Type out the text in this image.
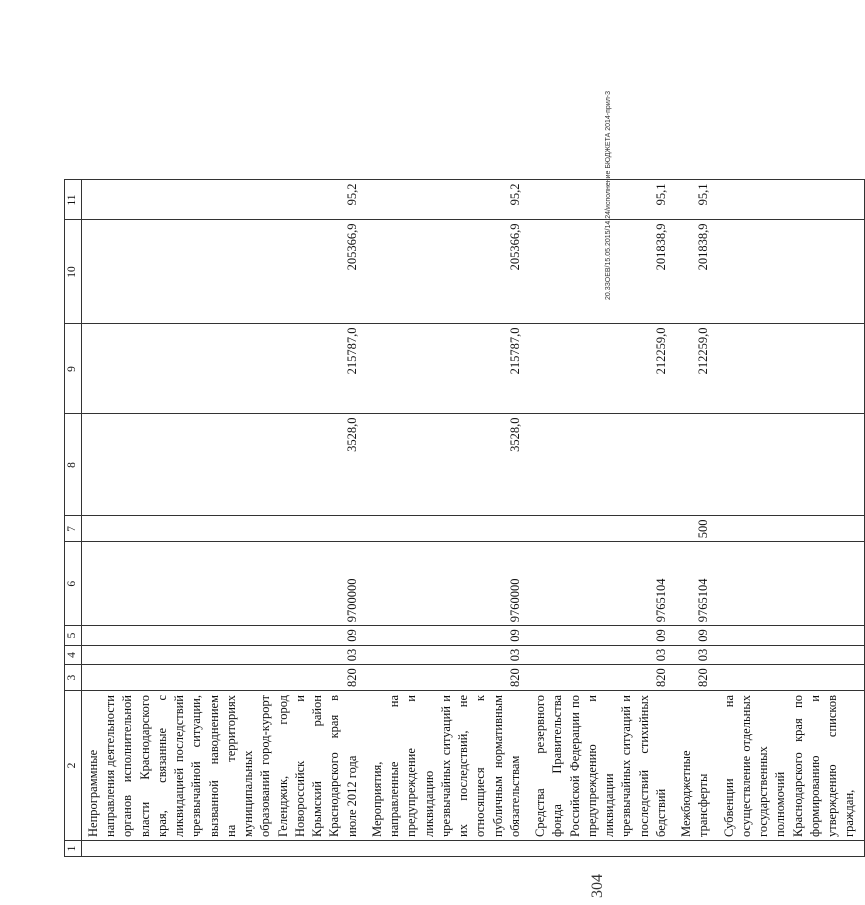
1	2	3	4	5	6	7	8	9	10	11
	Непрограммные направления деятельности органов исполнительной власти Краснодарского края, связанные с ликвидацией последствий чрезвычайной ситуации, вызванной наводнением на территориях муниципальных образований город-курорт Геленджик, город Новороссийск и Крымский район Краснодарского края в июле 2012 года	820	03	09	9700000		3528,0	215787,0	205366,9	95,2
	Мероприятия, направленные на предупреждение и ликвидацию чрезвычайных ситуаций и их последствий, не относящиеся к публичным нормативным обязательствам	820	03	09	9760000		3528,0	215787,0	205366,9	95,2
	Средства резервного фонда Правительства Российской Федерации по предупреждению и ликвидации чрезвычайных ситуаций и последствий стихийных бедствий	820	03	09	9765104			212259,0	201838,9	95,1
	Межбюджетные трансферты	820	03	09	9765104	500		212259,0	201838,9	95,1
	Субвенции на осуществление отдельных государственных полномочий Краснодарского края по формированию и утверждению списков граждан,									
20.3ЗОЕВ/15.05.2015/14.24/исполнение БЮДЖЕТА 2014-прил-3
304
